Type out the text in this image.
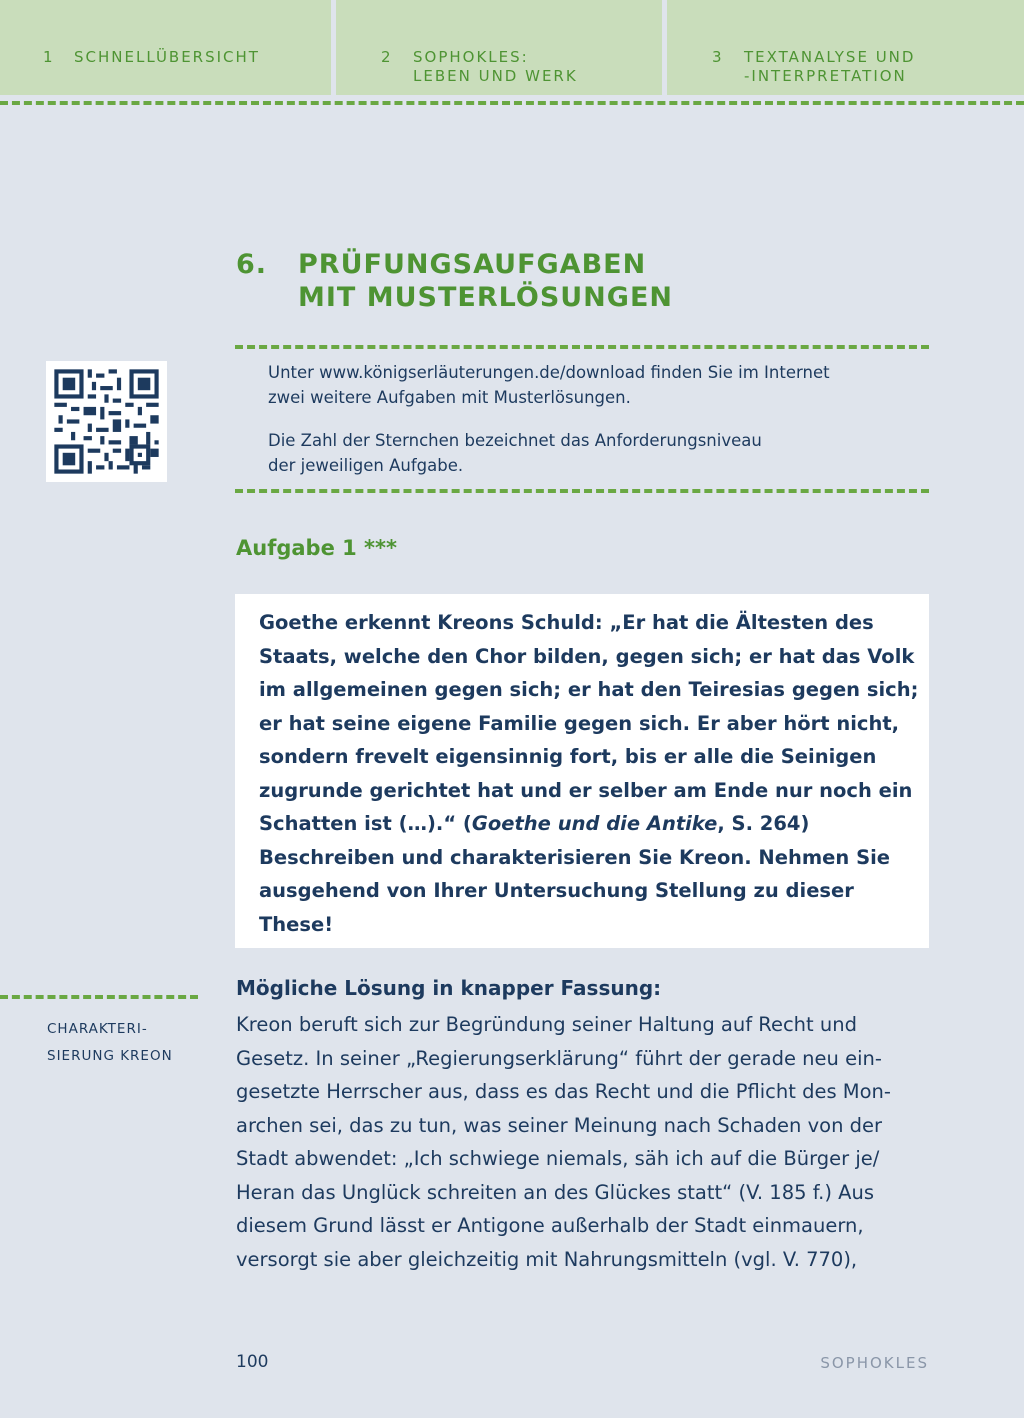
1 SCHNELLÜBERSICHT	2 SOPHOKLES:
LEBEN UND WERK
3 TEXTANALYSE UND
-INTERPRETATION
6. PRÜFUNGSAUFGABEN
MIT MUSTERLÖSUNGEN
Unter www.königserläuterungen.de/download finden Sie im Internet
zwei weitere Aufgaben mit Musterlösungen.
Die Zahl der Sternchen bezeichnet das Anforderungsniveau
der jeweiligen Aufgabe.
Aufgabe 1 ***

Goethe erkennt Kreons Schuld: „Er hat die Ältesten des

Staats, welche den Chor bilden, gegen sich; er hat das Volk

im allgemeinen gegen sich; er hat den Teiresias gegen sich;

er hat seine eigene Familie gegen sich. Er aber hört nicht,

sondern frevelt eigensinnig fort, bis er alle die Seinigen

zugrunde gerichtet hat und er selber am Ende nur noch ein

Schatten ist (…).“ (Goethe und die Antike, S. 264)

Beschreiben und charakterisieren Sie Kreon. Nehmen Sie

ausgehend von Ihrer Untersuchung Stellung zu dieser

These!

CHARAKTERI-
SIERUNG KREON
Mögliche Lösung in knapper Fassung:

Kreon beruft sich zur Begründung seiner Haltung auf Recht und

Gesetz. In seiner „Regierungserklärung“ führt der gerade neu ein-

gesetzte Herrscher aus, dass es das Recht und die Pflicht des Mon-

archen sei, das zu tun, was seiner Meinung nach Schaden von der

Stadt abwendet: „Ich schwiege niemals, säh ich auf die Bürger je/

Heran das Unglück schreiten an des Glückes statt“ (V. 185 f.) Aus

diesem Grund lässt er Antigone außerhalb der Stadt einmauern,

versorgt sie aber gleichzeitig mit Nahrungsmitteln (vgl. V. 770),

100	SOPHOKLES
